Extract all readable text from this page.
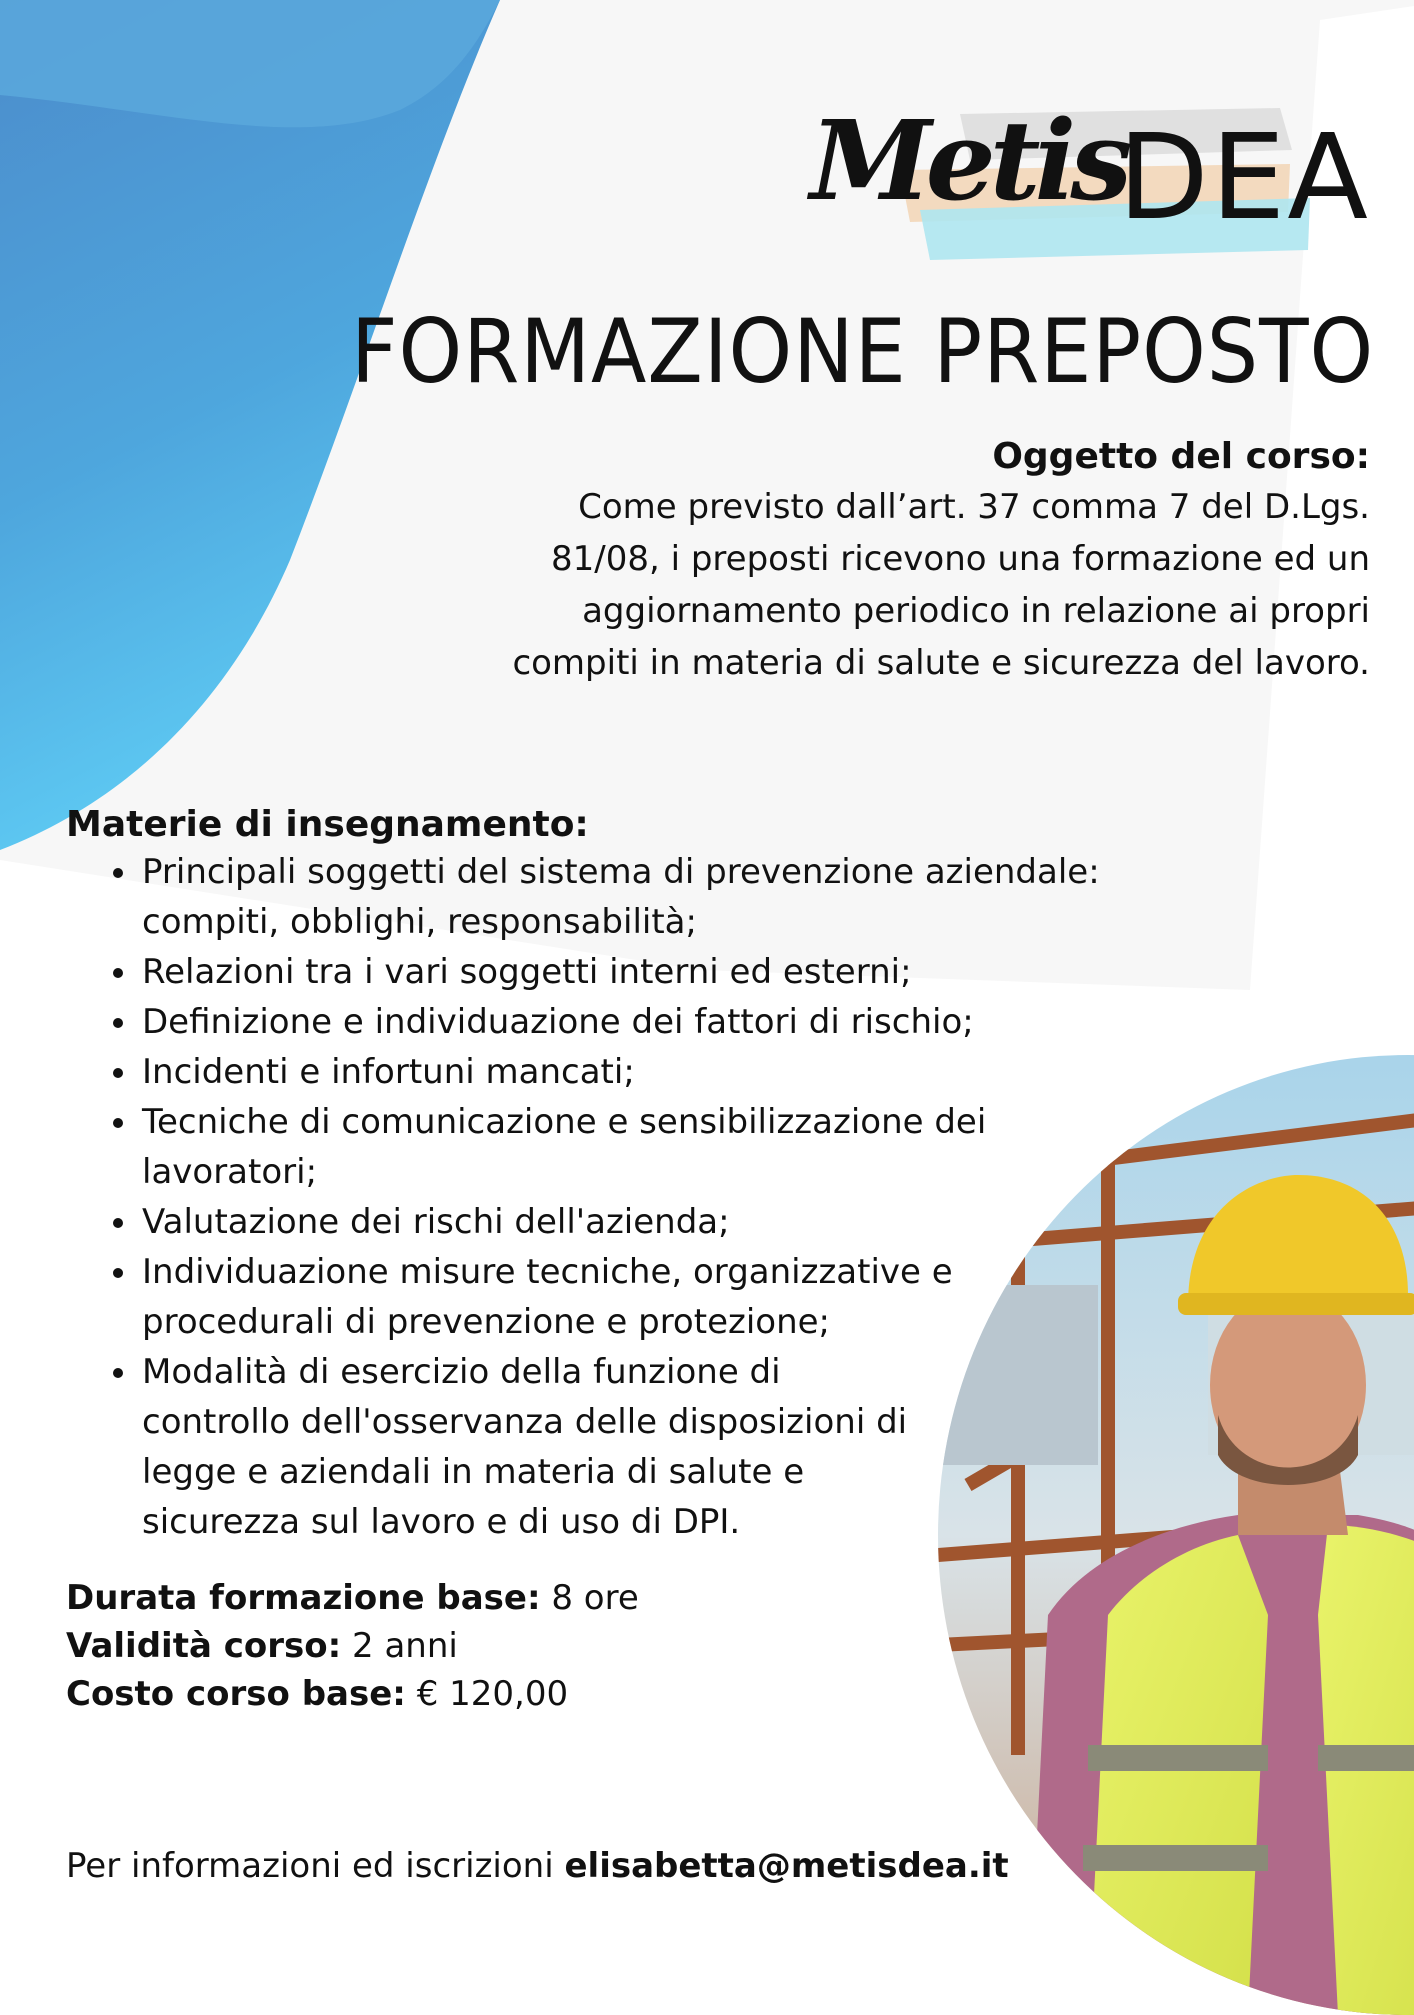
Metis
DEA
FORMAZIONE PREPOSTO
Oggetto del corso:

Come previsto dall’art. 37 comma 7 del D.Lgs.
81/08, i preposti ricevono una formazione ed un
aggiornamento periodico in relazione ai propri
compiti in materia di salute e sicurezza del lavoro.

Materie di insegnamento:
• Principali soggetti del sistema di prevenzione aziendale: compiti, obblighi, responsabilità;
• Relazioni tra i vari soggetti interni ed esterni;
• Definizione e individuazione dei fattori di rischio;
• Incidenti e infortuni mancati;
• Tecniche di comunicazione e sensibilizzazione dei lavoratori;
• Valutazione dei rischi dell'azienda;
• Individuazione misure tecniche, organizzative e procedurali di prevenzione e protezione;
• Modalità di esercizio della funzione di controllo dell'osservanza delle disposizioni di legge e aziendali in materia di salute e sicurezza sul lavoro e di uso di DPI.
Durata formazione base: 8 ore
Validità corso: 2 anni
Costo corso base: € 120,00
Per informazioni ed iscrizioni elisabetta@metisdea.it
